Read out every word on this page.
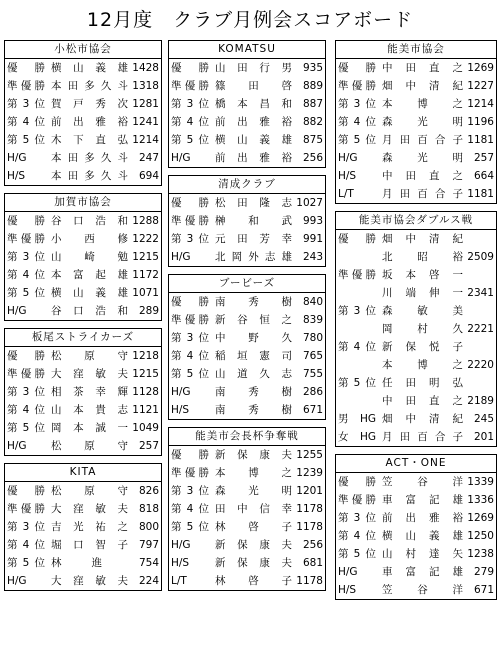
12月度　クラブ月例会スコアボード
小松市協会
優勝 横山義雄 1428
準優勝 本田多久斗 1318
第3位 賀戸秀次 1281
第4位 前出雅裕 1241
第5位 木下直弘 1214
H/G	本田多久斗	247
H/S	本田多久斗	694
加賀市協会
優勝 谷口浩和 1288
準優勝 小西修 1222
第3位 山崎勉 1215
第4位 本富起雄 1172
第5位 横山義雄 1071
H/G	谷口浩和	289
板尾ストライカーズ
優勝 松原守 1218
準優勝 大窪敏夫 1215
第3位 相茶幸輝 1128
第4位 山本貴志 1121
第5位 岡本誠一 1049
H/G	松原守	257
KITA
優勝 松原守	826
準優勝 大窪敏夫	818
第3位 吉光祐之	800
第4位 堀口智子	797
第5位 林進	754
H/G	大窪敏夫	224
KOMATSU
優勝 山田行男	935
準優勝 篠田啓	889
第3位 橋本昌和	887
第4位 前出雅裕	882
第5位 横山義雄	875
H/G	前出雅裕	256
清成クラブ
優勝 松田隆志 1027
準優勝 榊和武	993
第3位 元田芳幸	991
H/G	北岡外志雄	243
ブービーズ
優勝 南秀樹	840
準優勝 新谷恒之	839
第3位 中野久	780
第4位 稲垣憲司	765
第5位 山道久志	755
H/G	南秀樹	286
H/S	南秀樹	671
能美市会長杯争奪戦
優勝 新保康夫 1255
準優勝 本博之 1239
第3位 森光明 1201
第4位 田中信幸 1178
第5位 林啓子 1178
H/G	新保康夫	256
H/S	新保康夫	681
L/T	林啓子 1178
能美市協会
優勝 中田直之 1269
準優勝 畑中清紀 1227
第3位 本博之 1214
第4位 森光明 1196
第5位 月田百合子 1181
H/G	森光明	257
H/S	中田直之	664
L/T	月田百合子 1181
能美市協会ダブルス戦
優勝 畑中清紀
北昭裕 2509
準優勝 坂本啓一
川端伸一 2341
第3位 森敏美
岡村久 2221
第4位 新保悦子
本博之 2220
第5位 任田明弘
中田直之 2189
男HG 畑中清紀	245
女HG 月田百合子	201
ACT・ONE
優勝 笠谷洋 1339
準優勝 車富記雄 1336
第3位 前出雅裕 1269
第4位 横山義雄 1250
第5位 山村達矢 1238
H/G	車富記雄	279
H/S	笠谷洋	671
